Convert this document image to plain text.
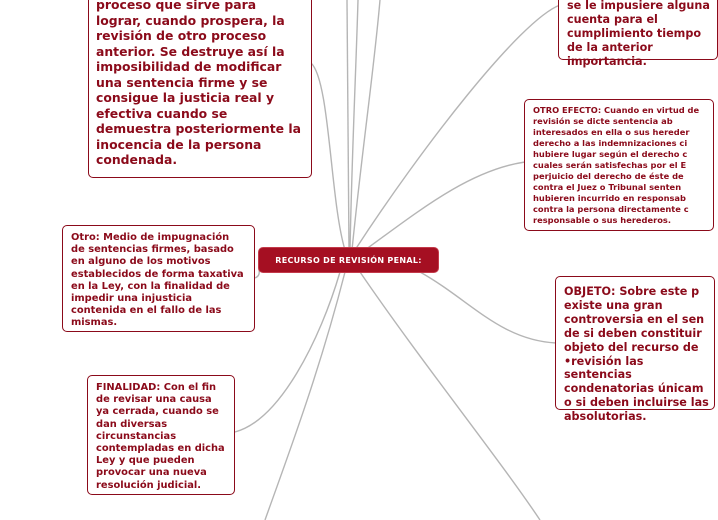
proceso que sirve para lograr, cuando prospera, la revisión de otro proceso anterior. Se destruye así la imposibilidad de modificar una sentencia firme y se consigue la justicia real y efectiva cuando se demuestra posteriormente la inocencia de la persona condenada.
se le impusiere alguna cuenta para el cumplimiento tiempo de la anterior importancia.
OTRO EFECTO: Cuando en virtud de revisión se dicte sentencia ab interesados en ella o sus hereder derecho a las indemnizaciones ci hubiere lugar según el derecho c cuales serán satisfechas por el E perjuicio del derecho de éste de contra el Juez o Tribunal senten hubieren incurrido en responsab contra la persona directamente c responsable o sus herederos.
RECURSO DE REVISIÓN PENAL:
Otro: Medio de impugnación de sentencias firmes, basado en alguno de los motivos establecidos de forma taxativa en la Ley, con la finalidad de impedir una injusticia contenida en el fallo de las mismas.
OBJETO: Sobre este p existe una gran controversia en el sen de si deben constituir objeto del recurso de •revisión las sentencias condenatorias únicam o si deben incluirse las absolutorias.
FINALIDAD: Con el fin de revisar una causa ya cerrada, cuando se dan diversas circunstancias contempladas en dicha Ley y que pueden provocar una nueva resolución judicial.
